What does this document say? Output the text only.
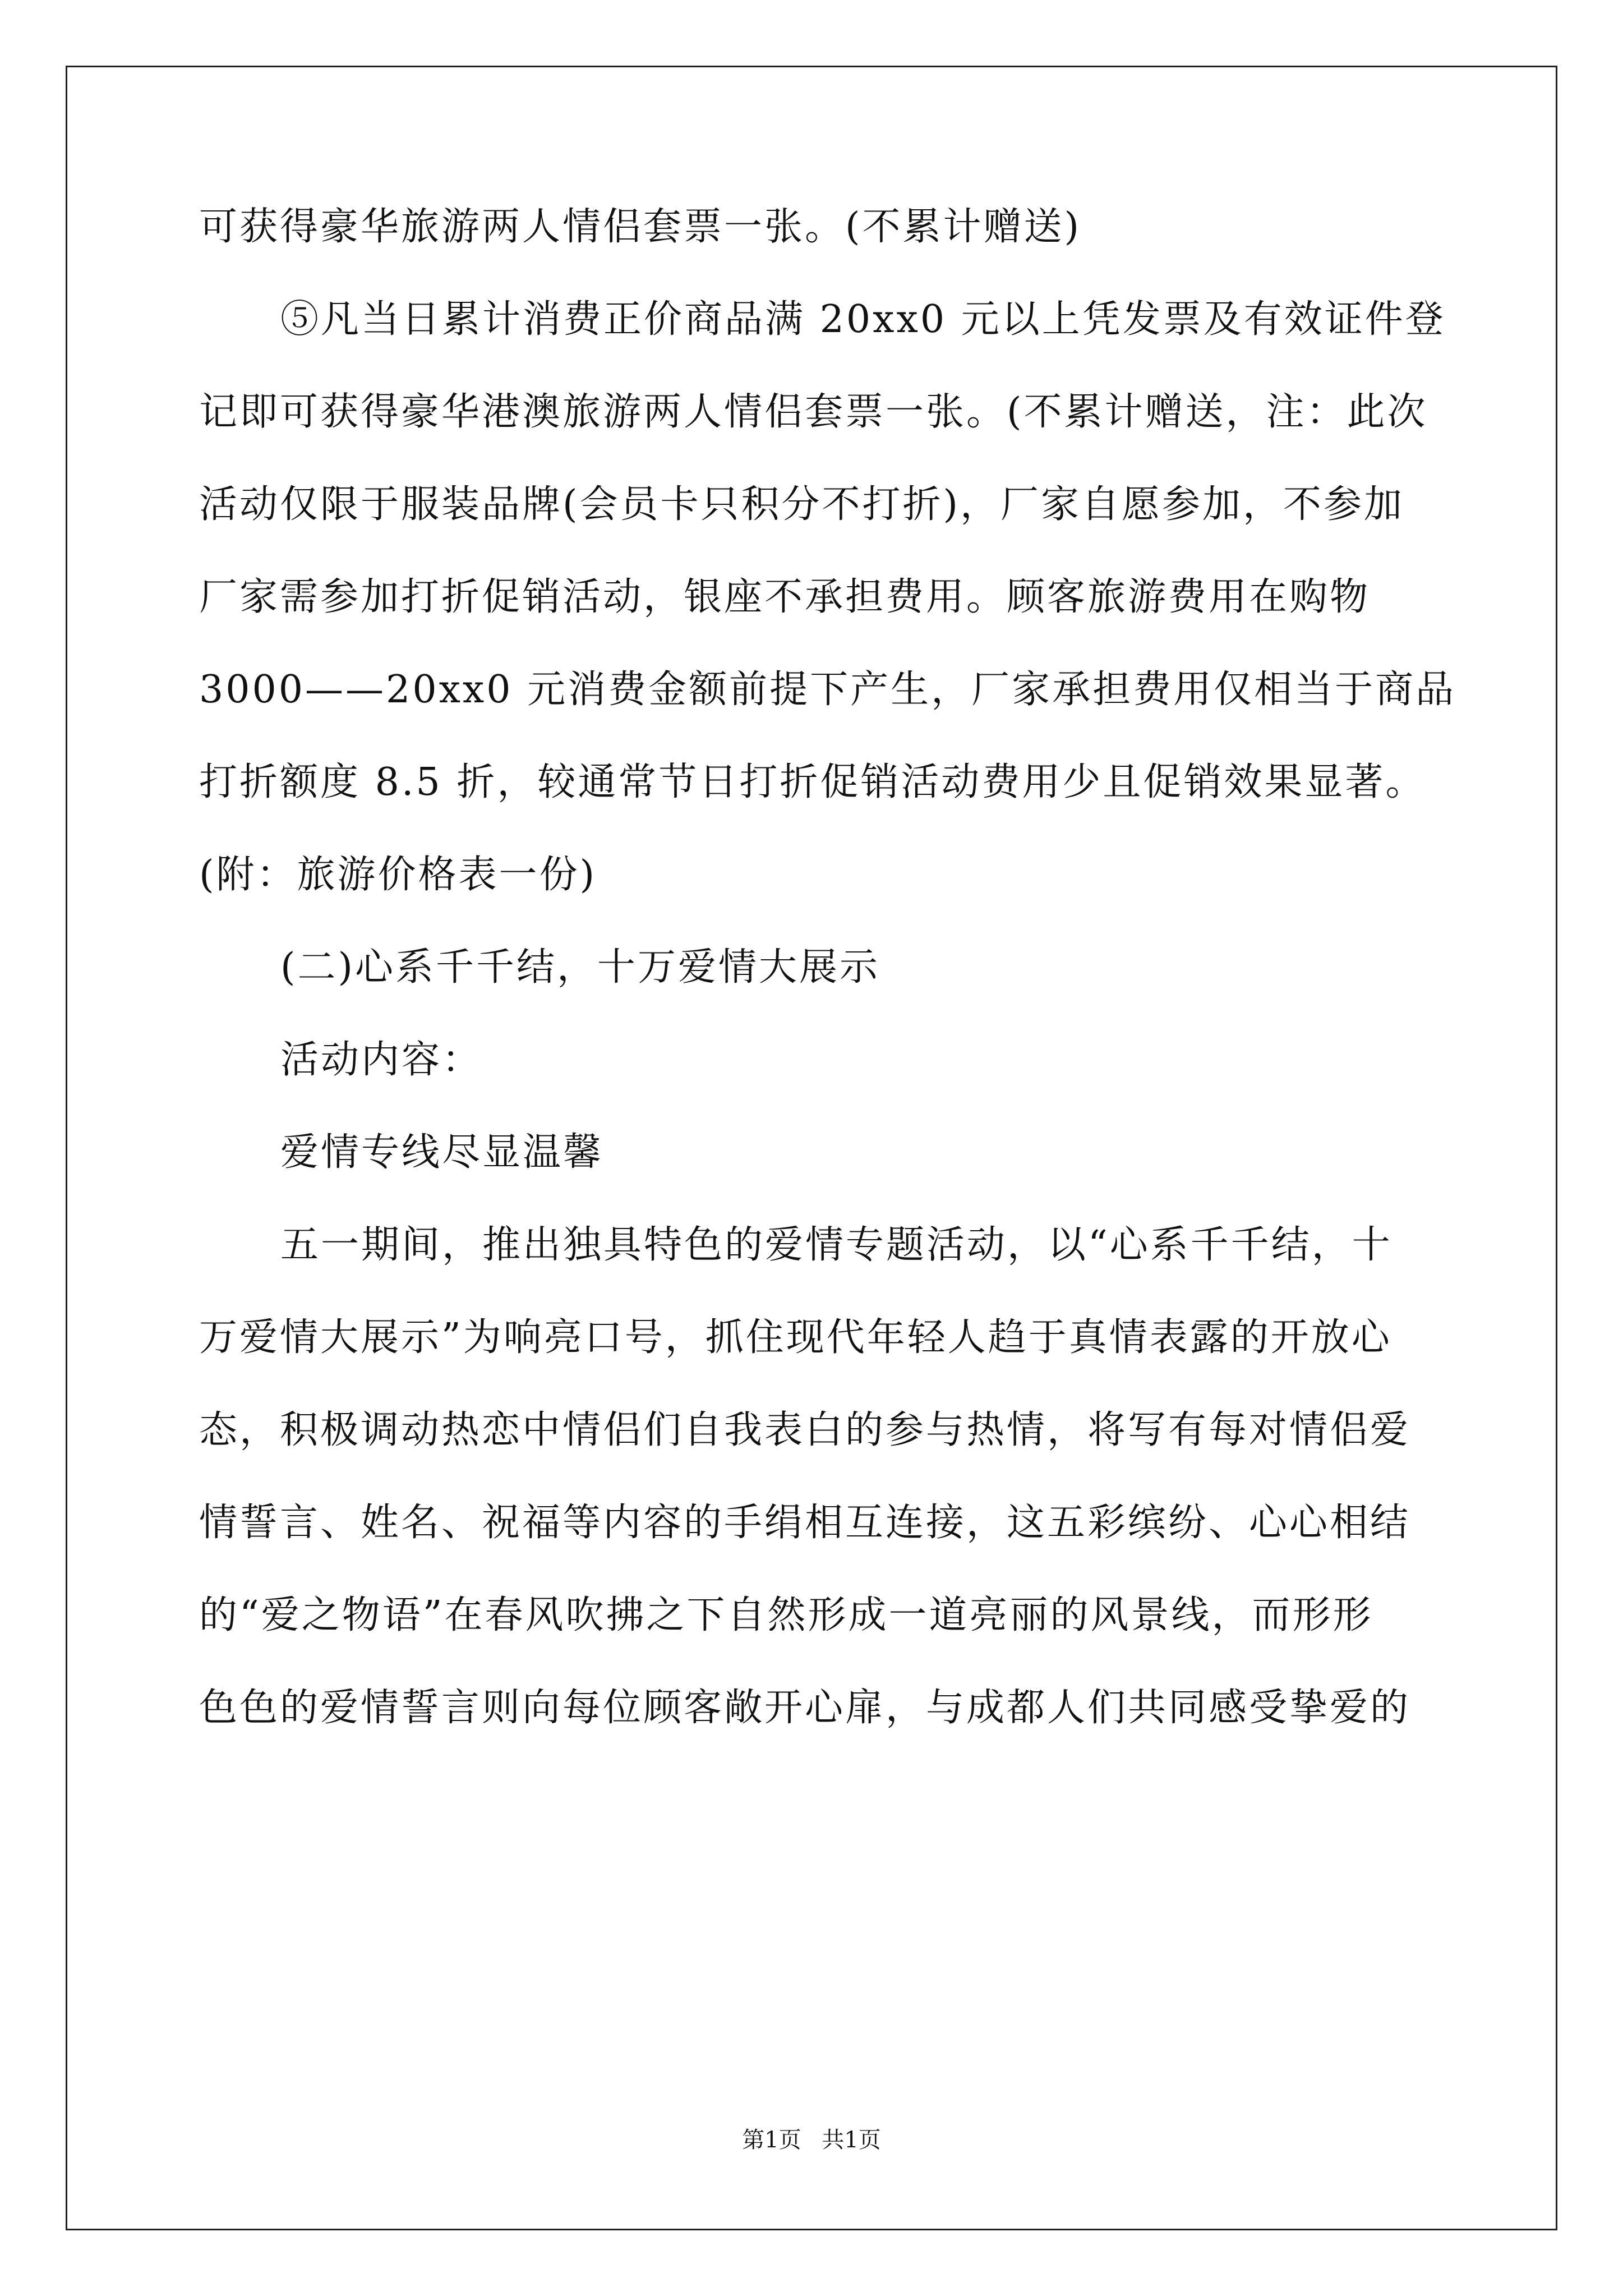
可获得豪华旅游两人情侣套票一张。(不累计赠送)
⑤凡当日累计消费正价商品满 20xx0 元以上凭发票及有效证件登
记即可获得豪华港澳旅游两人情侣套票一张。(不累计赠送，注：此次
活动仅限于服装品牌(会员卡只积分不打折)，厂家自愿参加，不参加
厂家需参加打折促销活动，银座不承担费用。顾客旅游费用在购物
3000——20xx0 元消费金额前提下产生，厂家承担费用仅相当于商品
打折额度 8.5 折，较通常节日打折促销活动费用少且促销效果显著。
(附：旅游价格表一份)
(二)心系千千结，十万爱情大展示
活动内容：
爱情专线尽显温馨
五一期间，推出独具特色的爱情专题活动，以“心系千千结，十
万爱情大展示”为响亮口号，抓住现代年轻人趋于真情表露的开放心
态，积极调动热恋中情侣们自我表白的参与热情，将写有每对情侣爱
情誓言、姓名、祝福等内容的手绢相互连接，这五彩缤纷、心心相结
的“爱之物语”在春风吹拂之下自然形成一道亮丽的风景线，而形形
色色的爱情誓言则向每位顾客敞开心扉，与成都人们共同感受挚爱的
第1页 共1页
